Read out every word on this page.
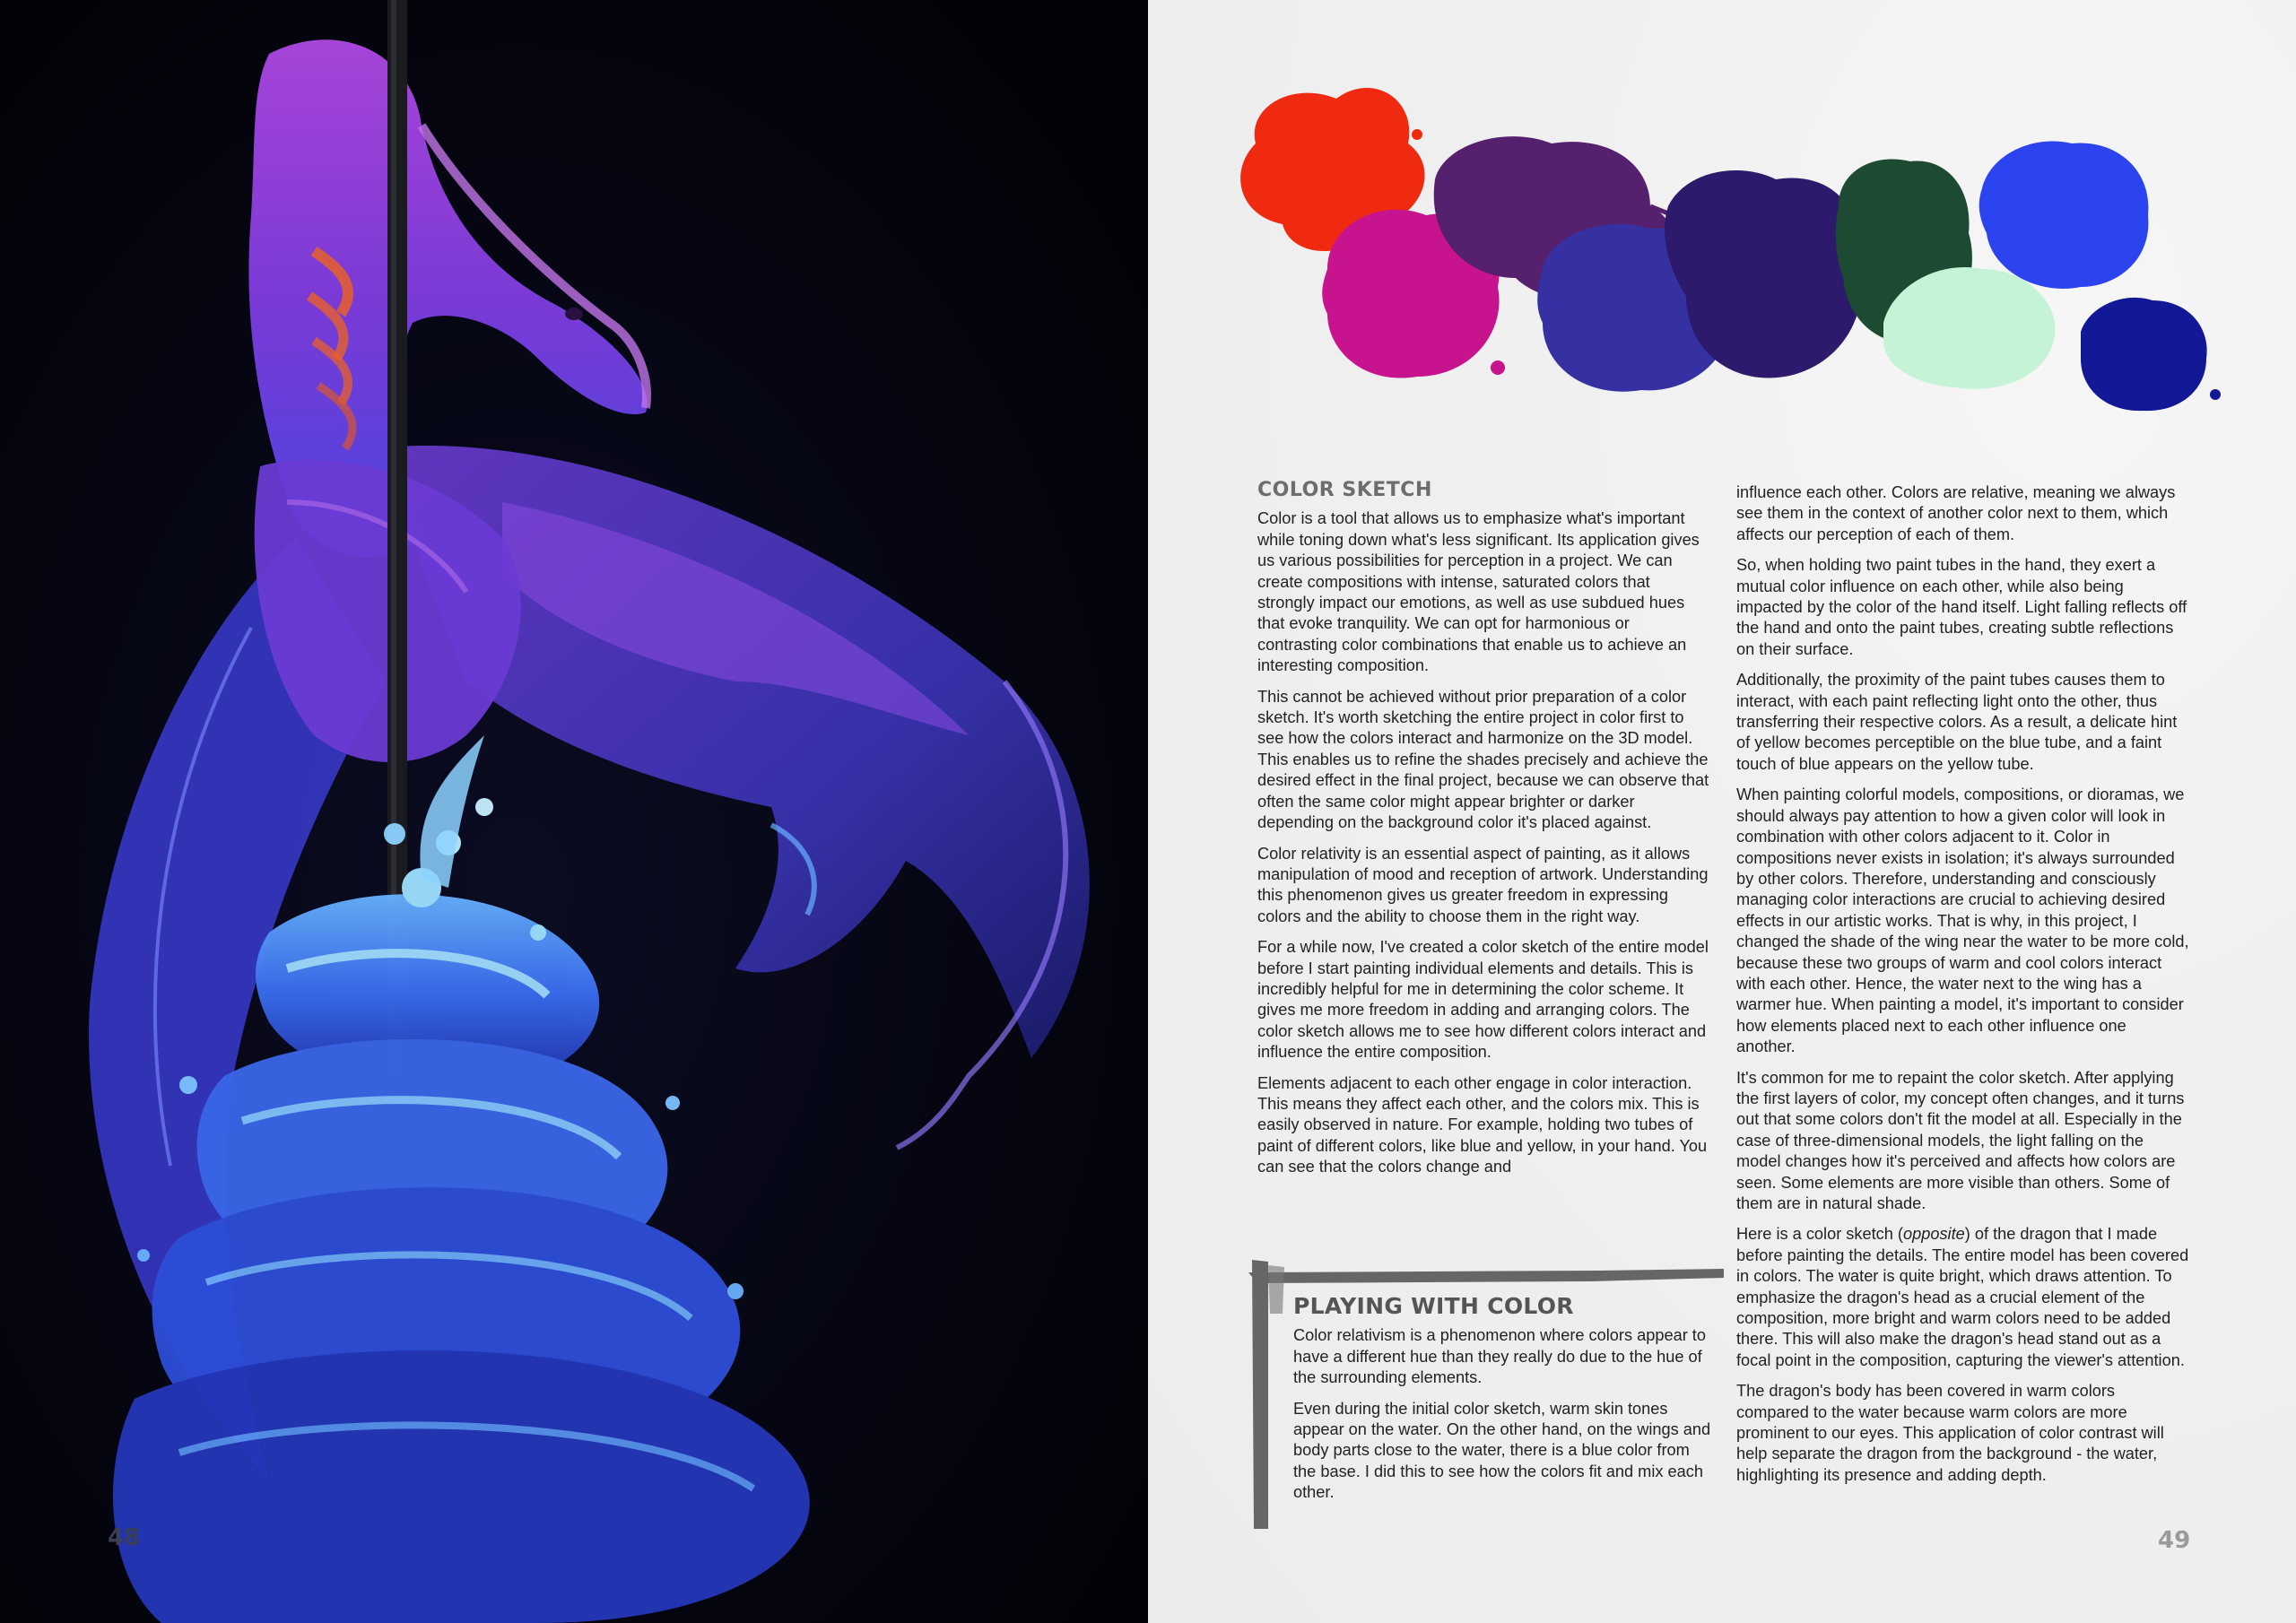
48
COLOR SKETCH

Color is a tool that allows us to emphasize what's important while toning down what's less significant. Its application gives us various possibilities for perception in a project. We can create compositions with intense, saturated colors that strongly impact our emotions, as well as use subdued hues that evoke tranquility. We can opt for harmonious or contrasting color combinations that enable us to achieve an interesting composition.

This cannot be achieved without prior preparation of a color sketch. It's worth sketching the entire project in color first to see how the colors interact and harmonize on the 3D model. This enables us to refine the shades precisely and achieve the desired effect in the final project, because we can observe that often the same color might appear brighter or darker depending on the background color it's placed against.

Color relativity is an essential aspect of painting, as it allows manipulation of mood and reception of artwork. Understanding this phenomenon gives us greater freedom in expressing colors and the ability to choose them in the right way.

For a while now, I've created a color sketch of the entire model before I start painting individual elements and details. This is incredibly helpful for me in determining the color scheme. It gives me more freedom in adding and arranging colors. The color sketch allows me to see how different colors interact and influence the entire composition.

Elements adjacent to each other engage in color interaction. This means they affect each other, and the colors mix. This is easily observed in nature. For example, holding two tubes of paint of different colors, like blue and yellow, in your hand. You can see that the colors change and

PLAYING WITH COLOR

Color relativism is a phenomenon where colors appear to have a different hue than they really do due to the hue of the surrounding elements.

Even during the initial color sketch, warm skin tones appear on the water. On the other hand, on the wings and body parts close to the water, there is a blue color from the base. I did this to see how the colors fit and mix each other.

influence each other. Colors are relative, meaning we always see them in the context of another color next to them, which affects our perception of each of them.

So, when holding two paint tubes in the hand, they exert a mutual color influence on each other, while also being impacted by the color of the hand itself. Light falling reflects off the hand and onto the paint tubes, creating subtle reflections on their surface.

Additionally, the proximity of the paint tubes causes them to interact, with each paint reflecting light onto the other, thus transferring their respective colors. As a result, a delicate hint of yellow becomes perceptible on the blue tube, and a faint touch of blue appears on the yellow tube.

When painting colorful models, compositions, or dioramas, we should always pay attention to how a given color will look in combination with other colors adjacent to it. Color in compositions never exists in isolation; it's always surrounded by other colors. Therefore, understanding and consciously managing color interactions are crucial to achieving desired effects in our artistic works. That is why, in this project, I changed the shade of the wing near the water to be more cold, because these two groups of warm and cool colors interact with each other. Hence, the water next to the wing has a warmer hue. When painting a model, it's important to consider how elements placed next to each other influence one another.

It's common for me to repaint the color sketch. After applying the first layers of color, my concept often changes, and it turns out that some colors don't fit the model at all. Especially in the case of three-dimensional models, the light falling on the model changes how it's perceived and affects how colors are seen. Some elements are more visible than others. Some of them are in natural shade.

Here is a color sketch (opposite) of the dragon that I made before painting the details. The entire model has been covered in colors. The water is quite bright, which draws attention. To emphasize the dragon's head as a crucial element of the composition, more bright and warm colors need to be added there. This will also make the dragon's head stand out as a focal point in the composition, capturing the viewer's attention.

The dragon's body has been covered in warm colors compared to the water because warm colors are more prominent to our eyes. This application of color contrast will help separate the dragon from the background - the water, highlighting its presence and adding depth.

49
